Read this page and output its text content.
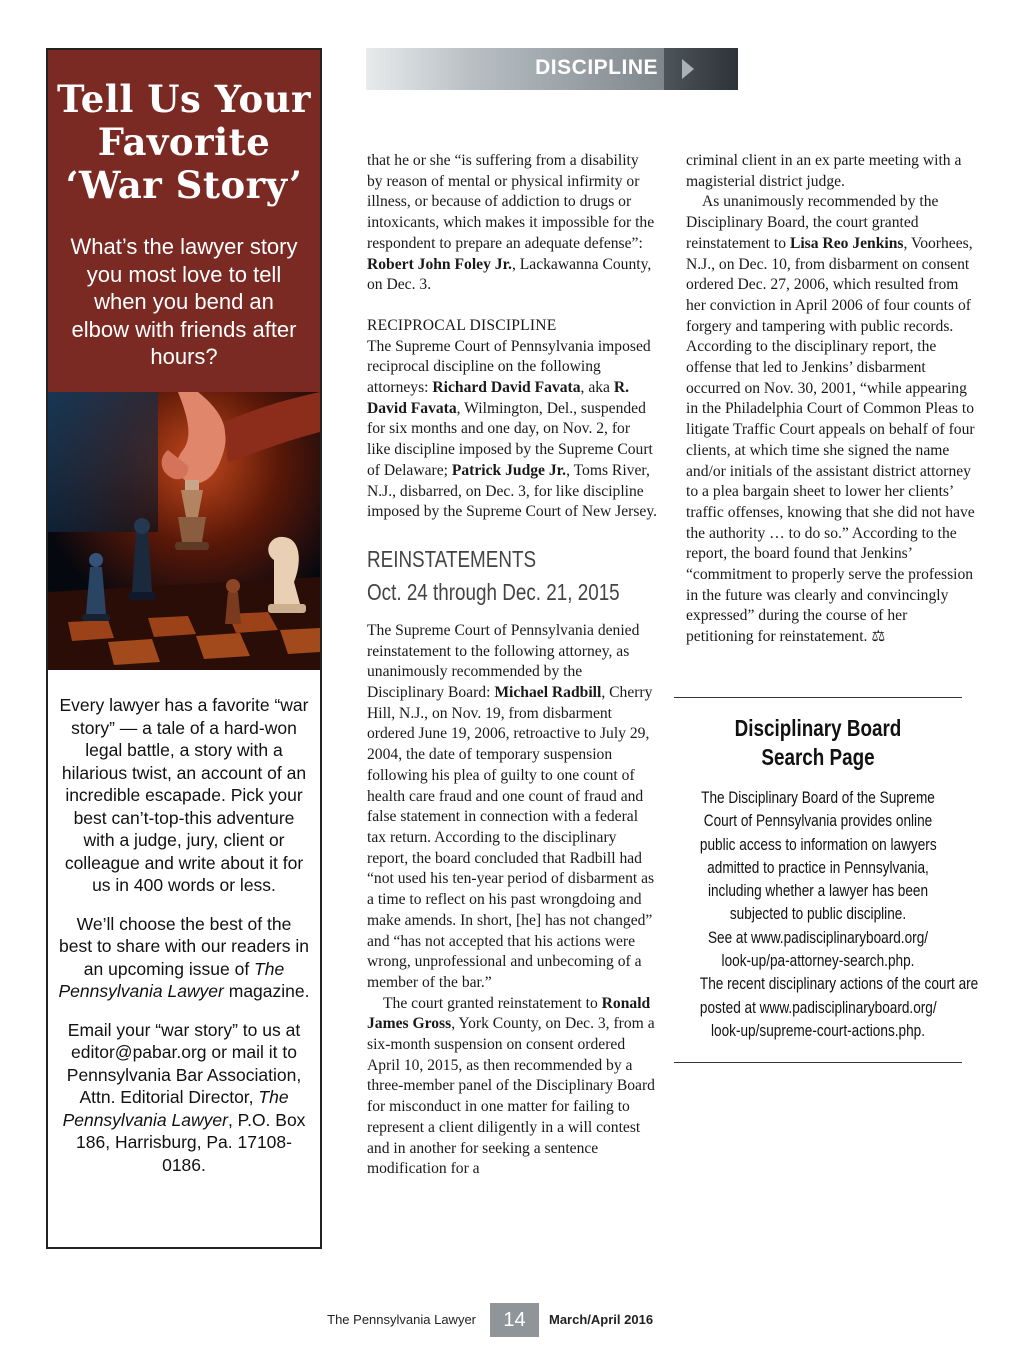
Tell Us Your
Favorite
‘War Story’
What’s the lawyer story you most love to tell when you bend an elbow with friends after hours?

Every lawyer has a favorite “war story” — a tale of a hard-won legal battle, a story with a hilarious twist, an account of an incredible escapade. Pick your best can’t-top-this adventure with a judge, jury, client or colleague and write about it for us in 400 words or less.

We’ll choose the best of the best to share with our readers in an upcoming issue of The Pennsylvania Lawyer magazine.

Email your “war story” to us at editor@pabar.org or mail it to Pennsylvania Bar Association, Attn. Editorial Director, The Pennsylvania Lawyer, P.O. Box 186, Harrisburg, Pa. 17108-0186.

DISCIPLINE

that he or she “is suffering from a disability by reason of mental or physical infirmity or illness, or because of addiction to drugs or intoxicants, which makes it impossible for the respondent to prepare an adequate defense”: Robert John Foley Jr., Lackawanna County, on Dec. 3.

RECIPROCAL DISCIPLINE

The Supreme Court of Pennsylvania imposed reciprocal discipline on the following attorneys: Richard David Favata, aka R. David Favata, Wilmington, Del., suspended for six months and one day, on Nov. 2, for like discipline imposed by the Supreme Court of Delaware; Patrick Judge Jr., Toms River, N.J., disbarred, on Dec. 3, for like discipline imposed by the Supreme Court of New Jersey.

REINSTATEMENTS
Oct. 24 through Dec. 21, 2015

The Supreme Court of Pennsylvania denied reinstatement to the following attorney, as unanimously recommended by the Disciplinary Board: Michael Radbill, Cherry Hill, N.J., on Nov. 19, from disbarment ordered June 19, 2006, retroactive to July 29, 2004, the date of temporary suspension following his plea of guilty to one count of health care fraud and one count of fraud and false statement in connection with a federal tax return. According to the disciplinary report, the board concluded that Radbill had “not used his ten-year period of disbarment as a time to reflect on his past wrongdoing and make amends. In short, [he] has not changed” and “has not accepted that his actions were wrong, unprofessional and unbecoming of a member of the bar.”

The court granted reinstatement to Ronald James Gross, York County, on Dec. 3, from a six-month suspension on consent ordered April 10, 2015, as then recommended by a three-member panel of the Disciplinary Board for misconduct in one matter for failing to represent a client diligently in a will contest and in another for seeking a sentence modification for a

criminal client in an ex parte meeting with a magisterial district judge.

As unanimously recommended by the Disciplinary Board, the court granted reinstatement to Lisa Reo Jenkins, Voorhees, N.J., on Dec. 10, from disbarment on consent ordered Dec. 27, 2006, which resulted from her conviction in April 2006 of four counts of forgery and tampering with public records. According to the disciplinary report, the offense that led to Jenkins’ disbarment occurred on Nov. 30, 2001, “while appearing in the Philadelphia Court of Common Pleas to litigate Traffic Court appeals on behalf of four clients, at which time she signed the name and/or initials of the assistant district attorney to a plea bargain sheet to lower her clients’ traffic offenses, knowing that she did not have the authority … to do so.” According to the report, the board found that Jenkins’ “commitment to properly serve the profession in the future was clearly and convincingly expressed” during the course of her petitioning for reinstatement. ⚖

Disciplinary Board
Search Page
The Disciplinary Board of the Supreme
Court of Pennsylvania provides online
public access to information on lawyers
admitted to practice in Pennsylvania,
including whether a lawyer has been
subjected to public discipline.
See at www.padisciplinaryboard.org/
look-up/pa-attorney-search.php.
The recent disciplinary actions of the court are
posted at www.padisciplinaryboard.org/
look-up/supreme-court-actions.php.
The Pennsylvania Lawyer	14	March/April 2016
